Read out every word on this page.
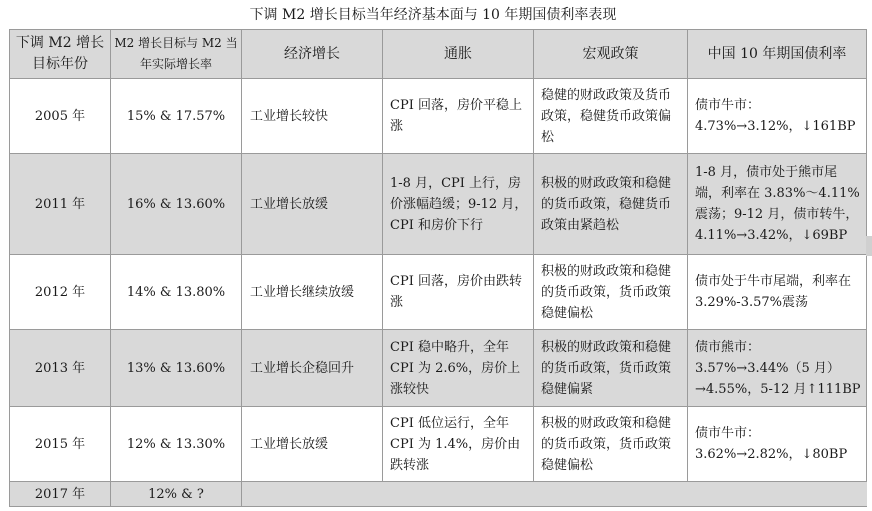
下调 M2 增长目标当年经济基本面与 10 年期国债利率表现
下调 M2 增长目标年份	M2 增长目标与 M2 当年实际增长率	经济增长	通胀	宏观政策	中国 10 年期国债利率
2005 年	15% & 17.57%	工业增长较快	CPI 回落，房价平稳上涨	稳健的财政政策及货币政策，稳健货币政策偏松	债市牛市：4.73%→3.12%，↓161BP
2011 年	16% & 13.60%	工业增长放缓	1-8 月，CPI 上行，房价涨幅趋缓；9-12 月，CPI 和房价下行	积极的财政政策和稳健的货币政策，稳健货币政策由紧趋松	1-8 月，债市处于熊市尾端，利率在 3.83%～4.11%震荡；9-12 月，债市转牛，4.11%→3.42%，↓69BP
2012 年	14% & 13.80%	工业增长继续放缓	CPI 回落，房价由跌转涨	积极的财政政策和稳健的货币政策，货币政策稳健偏松	债市处于牛市尾端，利率在 3.29%-3.57%震荡
2013 年	13% & 13.60%	工业增长企稳回升	CPI 稳中略升，全年 CPI 为 2.6%，房价上涨较快	积极的财政政策和稳健的货币政策，货币政策稳健偏紧	债市熊市：3.57%→3.44%（5 月）→4.55%，5-12 月↑111BP
2015 年	12% & 13.30%	工业增长放缓	CPI 低位运行，全年 CPI 为 1.4%，房价由跌转涨	积极的财政政策和稳健的货币政策，货币政策稳健偏松	债市牛市：3.62%→2.82%，↓80BP
2017 年	12% & ?				
